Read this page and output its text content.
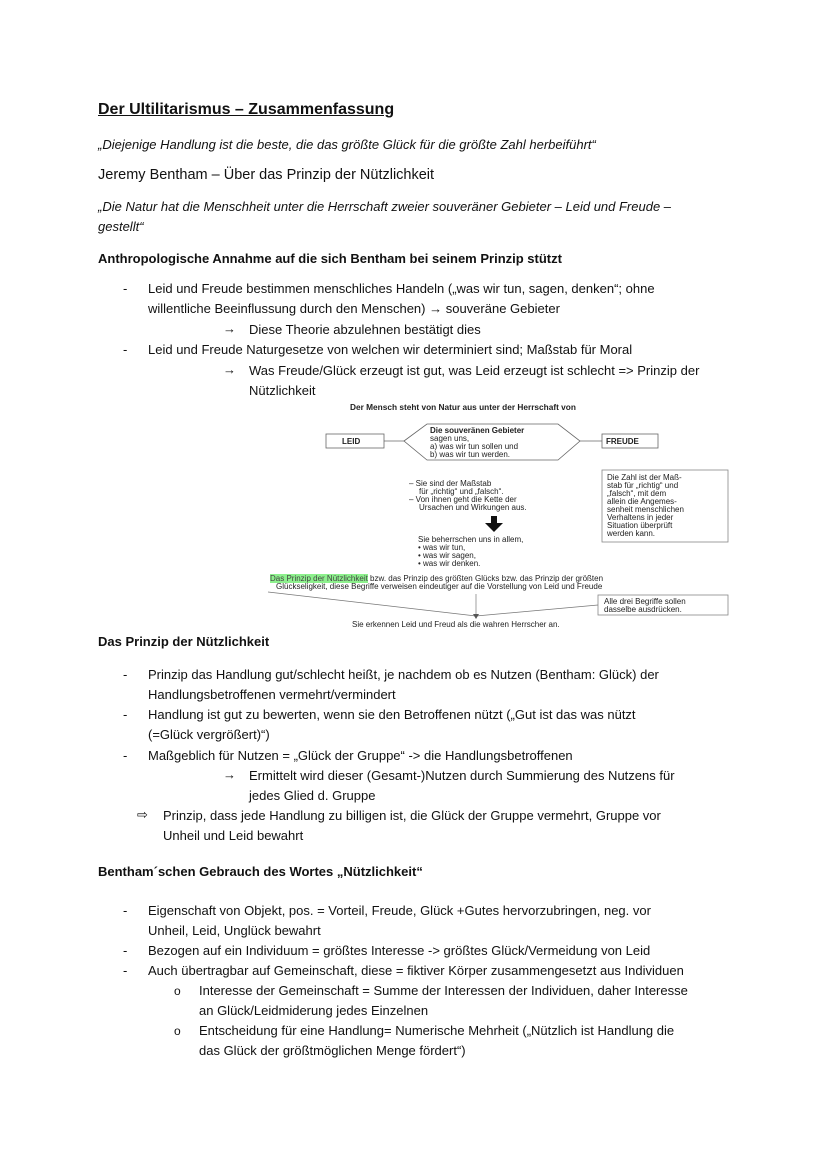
Der Ultilitarismus – Zusammenfassung
„Diejenige Handlung ist die beste, die das größte Glück für die größte Zahl herbeiführt“
Jeremy Bentham – Über das Prinzip der Nützlichkeit
„Die Natur hat die Menschheit unter die Herrschaft zweier souveräner Gebieter – Leid und Freude –
gestellt“
Anthropologische Annahme auf die sich Bentham bei seinem Prinzip stützt
- Leid und Freude bestimmen menschliches Handeln („was wir tun, sagen, denken“; ohne
willentliche Beeinflussung durch den Menschen) → souveräne Gebieter
→ Diese Theorie abzulehnen bestätigt dies
- Leid und Freude Naturgesetze von welchen wir determiniert sind; Maßstab für Moral
→ Was Freude/Glück erzeugt ist gut, was Leid erzeugt ist schlecht => Prinzip der
Nützlichkeit
Der Mensch steht von Natur aus unter der Herrschaft von
LEID	FREUDE
Die souveränen Gebieter
sagen uns,
a) was wir tun sollen und
b) was wir tun werden.
– Sie sind der Maßstab
für „richtig“ und „falsch“.
– Von ihnen geht die Kette der
Ursachen und Wirkungen aus.
Die Zahl ist der Maß-
stab für „richtig“ und
„falsch“, mit dem
allein die Angemes-
senheit menschlichen
Verhaltens in jeder
Situation überprüft
werden kann.
Sie beherrschen uns in allem,
• was wir tun,
• was wir sagen,
• was wir denken.
Das Prinzip der Nützlichkeit bzw. das Prinzip des größten Glücks bzw. das Prinzip der größten
Glückseligkeit, diese Begriffe verweisen eindeutiger auf die Vorstellung von Leid und Freude
Alle drei Begriffe sollen
dasselbe ausdrücken.
Sie erkennen Leid und Freud als die wahren Herrscher an.
Das Prinzip der Nützlichkeit
- Prinzip das Handlung gut/schlecht heißt, je nachdem ob es Nutzen (Bentham: Glück) der
Handlungsbetroffenen vermehrt/vermindert
- Handlung ist gut zu bewerten, wenn sie den Betroffenen nützt („Gut ist das was nützt
(=Glück vergrößert)“)
- Maßgeblich für Nutzen = „Glück der Gruppe“ -> die Handlungsbetroffenen
→ Ermittelt wird dieser (Gesamt-)Nutzen durch Summierung des Nutzens für
jedes Glied d. Gruppe
⇨ Prinzip, dass jede Handlung zu billigen ist, die Glück der Gruppe vermehrt, Gruppe vor
Unheil und Leid bewahrt
Bentham´schen Gebrauch des Wortes „Nützlichkeit“
- Eigenschaft von Objekt, pos. = Vorteil, Freude, Glück +Gutes hervorzubringen, neg. vor
Unheil, Leid, Unglück bewahrt
- Bezogen auf ein Individuum = größtes Interesse -> größtes Glück/Vermeidung von Leid
- Auch übertragbar auf Gemeinschaft, diese = fiktiver Körper zusammengesetzt aus Individuen
o Interesse der Gemeinschaft = Summe der Interessen der Individuen, daher Interesse
an Glück/Leidmiderung jedes Einzelnen
o Entscheidung für eine Handlung= Numerische Mehrheit („Nützlich ist Handlung die
das Glück der größtmöglichen Menge fördert“)
